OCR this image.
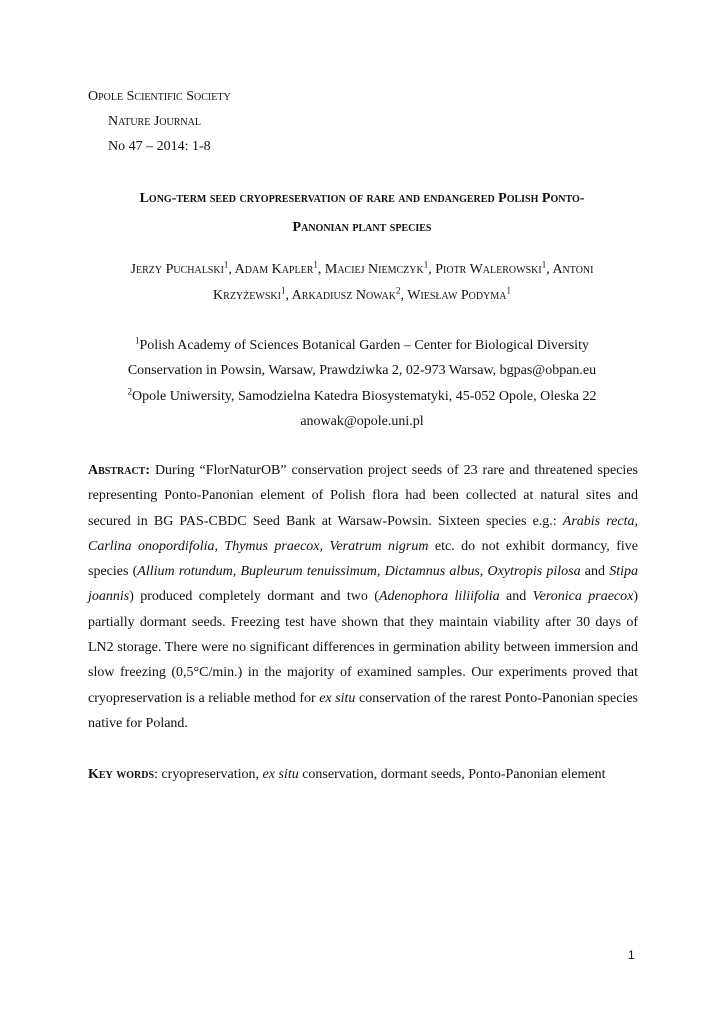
Opole Scientific Society
Nature Journal
No 47 – 2014: 1-8
Long-term seed cryopreservation of rare and endangered Polish Ponto-
Panonian plant species
Jerzy Puchalski$^1$, Adam Kapler$^1$, Maciej Niemczyk$^1$, Piotr Walerowski$^1$, Antoni Krzyżewski$^1$, Arkadiusz Nowak$^2$, Wiesław Podyma$^1$
$^1$Polish Academy of Sciences Botanical Garden – Center for Biological Diversity
Conservation in Powsin, Warsaw, Prawdziwka 2, 02-973 Warsaw, bgpas@obpan.eu
$^2$Opole Uniwersity, Samodzielna Katedra Biosystematyki, 45-052 Opole, Oleska 22
anowak@opole.uni.pl
Abstract: During “FlorNaturOB” conservation project seeds of 23 rare and threatened species representing Ponto-Panonian element of Polish flora had been collected at natural sites and secured in BG PAS-CBDC Seed Bank at Warsaw-Powsin. Sixteen species e.g.: Arabis recta, Carlina onopordifolia, Thymus praecox, Veratrum nigrum etc. do not exhibit dormancy, five species (Allium rotundum, Bupleurum tenuissimum, Dictamnus albus, Oxytropis pilosa and Stipa joannis) produced completely dormant and two (Adenophora liliifolia and Veronica praecox) partially dormant seeds. Freezing test have shown that they maintain viability after 30 days of LN2 storage. There were no significant differences in germination ability between immersion and slow freezing (0,5°C/min.) in the majority of examined samples. Our experiments proved that cryopreservation is a reliable method for ex situ conservation of the rarest Ponto-Panonian species native for Poland.
Key words: cryopreservation, ex situ conservation, dormant seeds, Ponto-Panonian element
1
